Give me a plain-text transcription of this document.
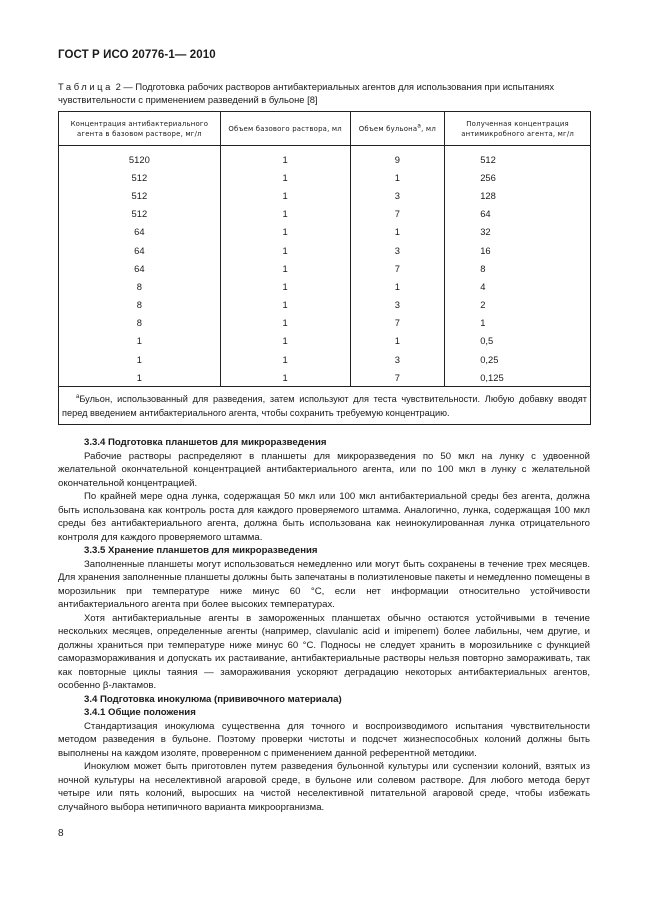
ГОСТ Р ИСО 20776-1— 2010
Таблица 2 — Подготовка рабочих растворов антибактериальных агентов для использования при испытаниях чувствительности с применением разведений в бульоне [8]
Концентрация антибактериального агента в базовом растворе, мг/л	Объем базового раствора, мл	Объем бульона$^a$, мл	Полученная концентрация антимикробного агента, мг/л
5120	1	9	512
512	1	1	256
512	1	3	128
512	1	7	64
64	1	1	32
64	1	3	16
64	1	7	8
8	1	1	4
8	1	3	2
8	1	7	1
1	1	1	0,5
1	1	3	0,25
1	1	7	0,125
$^a$Бульон, использованный для разведения, затем используют для теста чувствительности. Любую добавку вводят перед введением антибактериального агента, чтобы сохранить требуемую концентрацию.			
3.3.4 Подготовка планшетов для микроразведения

Рабочие растворы распределяют в планшеты для микроразведения по 50 мкл на лунку с удвоенной желательной окончательной концентрацией антибактериального агента, или по 100 мкл в лунку с желательной окончательной концентрацией.

По крайней мере одна лунка, содержащая 50 мкл или 100 мкл антибактериальной среды без агента, должна быть использована как контроль роста для каждого проверяемого штамма. Аналогично, лунка, содержащая 100 мкл среды без антибактериального агента, должна быть использована как неинокулированная лунка отрицательного контроля для каждого проверяемого штамма.

3.3.5 Хранение планшетов для микроразведения

Заполненные планшеты могут использоваться немедленно или могут быть сохранены в течение трех месяцев. Для хранения заполненные планшеты должны быть запечатаны в полиэтиленовые пакеты и немедленно помещены в морозильник при температуре ниже минус 60 °С, если нет информации относительно устойчивости антибактериального агента при более высоких температурах.

Хотя антибактериальные агенты в замороженных планшетах обычно остаются устойчивыми в течение нескольких месяцев, определенные агенты (например, clavulanic acid и imipenem) более лабильны, чем другие, и должны храниться при температуре ниже минус 60 °С. Подносы не следует хранить в морозильнике с функцией саморазмораживания и допускать их растаивание, антибактериальные растворы нельзя повторно замораживать, так как повторные циклы таяния — замораживания ускоряют деградацию некоторых антибактериальных агентов, особенно β-лактамов.

3.4 Подготовка инокулюма (прививочного материала)
3.4.1 Общие положения

Стандартизация инокулюма существенна для точного и воспроизводимого испытания чувствительности методом разведения в бульоне. Поэтому проверки чистоты и подсчет жизнеспособных колоний должны быть выполнены на каждом изоляте, проверенном с применением данной референтной методики.

Инокулюм может быть приготовлен путем разведения бульонной культуры или суспензии колоний, взятых из ночной культуры на неселективной агаровой среде, в бульоне или солевом растворе. Для любого метода берут четыре или пять колоний, выросших на чистой неселективной питательной агаровой среде, чтобы избежать случайного выбора нетипичного варианта микроорганизма.

8
